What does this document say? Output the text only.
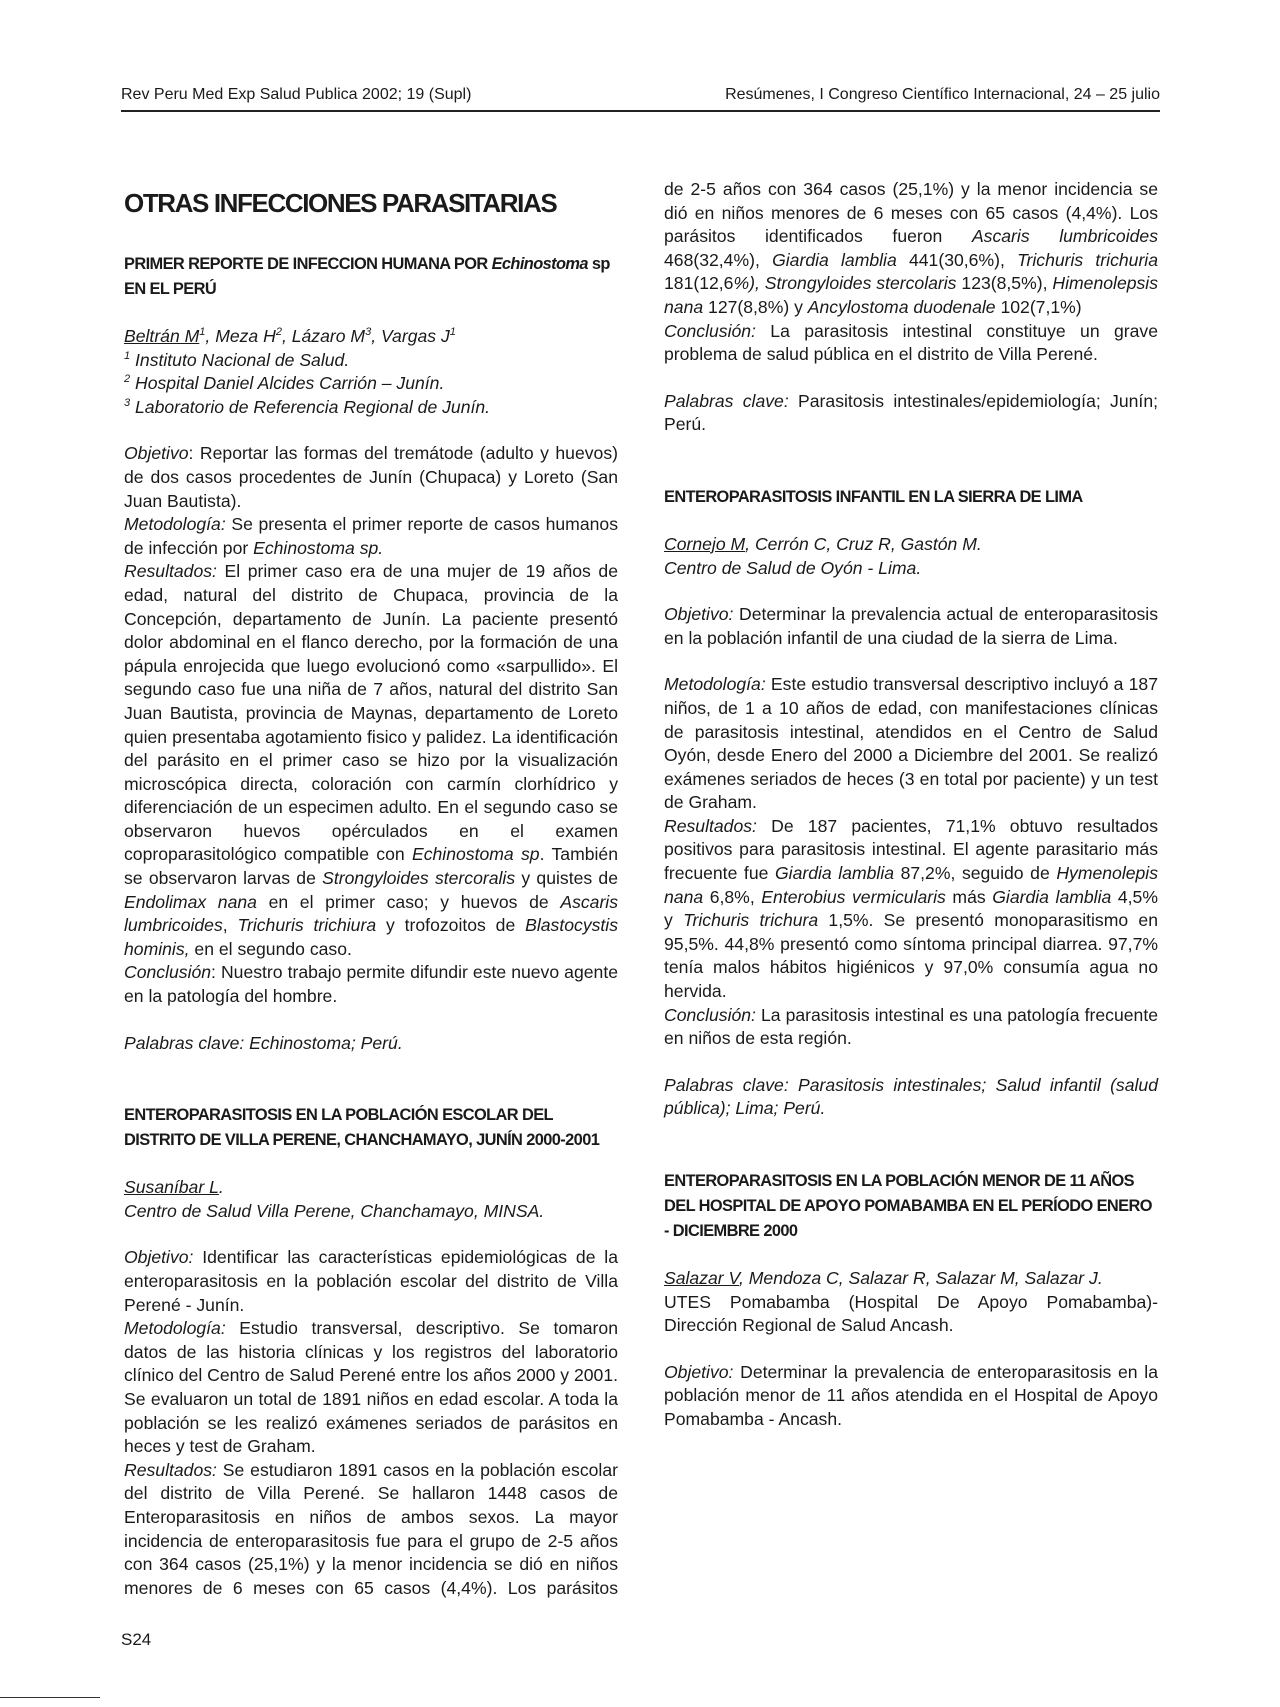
Rev Peru Med Exp Salud Publica 2002; 19 (Supl)	Resúmenes, I Congreso Científico Internacional, 24 – 25 julio
OTRAS INFECCIONES PARASITARIAS
PRIMER REPORTE DE INFECCION HUMANA POR Echinostoma sp EN EL PERÚ

Beltrán $M^1$, Meza $H^2$, Lázaro $M^3$, Vargas $J^1$

$^1$ Instituto Nacional de Salud.

$^2$ Hospital Daniel Alcides Carrión – Junín.

$^3$ Laboratorio de Referencia Regional de Junín.

Objetivo: Reportar las formas del tremátode (adulto y huevos) de dos casos procedentes de Junín (Chupaca) y Loreto (San Juan Bautista).

Metodología: Se presenta el primer reporte de casos humanos de infección por Echinostoma sp.

Resultados: El primer caso era de una mujer de 19 años de edad, natural del distrito de Chupaca, provincia de la Concepción, departamento de Junín. La paciente presentó dolor abdominal en el flanco derecho, por la formación de una pápula enrojecida que luego evolucionó como «sarpullido». El segundo caso fue una niña de 7 años, natural del distrito San Juan Bautista, provincia de Maynas, departamento de Loreto quien presentaba agotamiento fisico y palidez. La identificación del parásito en el primer caso se hizo por la visualización microscópica directa, coloración con carmín clorhídrico y diferenciación de un especimen adulto. En el segundo caso se observaron huevos opérculados en el examen coproparasitológico compatible con Echinostoma sp. También se observaron larvas de Strongyloides stercoralis y quistes de Endolimax nana en el primer caso; y huevos de Ascaris lumbricoides, Trichuris trichiura y trofozoitos de Blastocystis hominis, en el segundo caso.

Conclusión: Nuestro trabajo permite difundir este nuevo agente en la patología del hombre.

Palabras clave: Echinostoma; Perú.

ENTEROPARASITOSIS EN LA POBLACIÓN ESCOLAR DEL DISTRITO DE VILLA PERENE, CHANCHAMAYO, JUNÍN 2000-2001

Susaníbar L.

Centro de Salud Villa Perene, Chanchamayo, MINSA.

Objetivo: Identificar las características epidemiológicas de la enteroparasitosis en la población escolar del distrito de Villa Perené - Junín.

Metodología: Estudio transversal, descriptivo. Se tomaron datos de las historia clínicas y los registros del laboratorio clínico del Centro de Salud Perené entre los años 2000 y 2001. Se evaluaron un total de 1891 niños en edad escolar. A toda la población se les realizó exámenes seriados de parásitos en heces y test de Graham.

Resultados: Se estudiaron 1891 casos en la población escolar del distrito de Villa Perené. Se hallaron 1448 casos de Enteroparasitosis en niños de ambos sexos. La mayor incidencia de enteroparasitosis fue para el grupo de 2-5 años con 364 casos (25,1%) y la menor incidencia se dió en niños menores de 6 meses con 65 casos (4,4%). Los parásitos

de 2-5 años con 364 casos (25,1%) y la menor incidencia se dió en niños menores de 6 meses con 65 casos (4,4%). Los parásitos identificados fueron Ascaris lumbricoides 468(32,4%), Giardia lamblia 441(30,6%), Trichuris trichuria 181(12,6%), Strongyloides stercolaris 123(8,5%), Himenolepsis nana 127(8,8%) y Ancylostoma duodenale 102(7,1%)

Conclusión: La parasitosis intestinal constituye un grave problema de salud pública en el distrito de Villa Perené.

Palabras clave: Parasitosis intestinales/epidemiología; Junín; Perú.

ENTEROPARASITOSIS INFANTIL EN LA SIERRA DE LIMA

Cornejo M, Cerrón C, Cruz R, Gastón M.

Centro de Salud de Oyón - Lima.

Objetivo: Determinar la prevalencia actual de enteroparasitosis en la población infantil de una ciudad de la sierra de Lima.

Metodología: Este estudio transversal descriptivo incluyó a 187 niños, de 1 a 10 años de edad, con manifestaciones clínicas de parasitosis intestinal, atendidos en el Centro de Salud Oyón, desde Enero del 2000 a Diciembre del 2001. Se realizó exámenes seriados de heces (3 en total por paciente) y un test de Graham.

Resultados: De 187 pacientes, 71,1% obtuvo resultados positivos para parasitosis intestinal. El agente parasitario más frecuente fue Giardia lamblia 87,2%, seguido de Hymenolepis nana 6,8%, Enterobius vermicularis más Giardia lamblia 4,5% y Trichuris trichura 1,5%. Se presentó monoparasitismo en 95,5%. 44,8% presentó como síntoma principal diarrea. 97,7% tenía malos hábitos higiénicos y 97,0% consumía agua no hervida.

Conclusión: La parasitosis intestinal es una patología frecuente en niños de esta región.

Palabras clave: Parasitosis intestinales; Salud infantil (salud pública); Lima; Perú.

ENTEROPARASITOSIS EN LA POBLACIÓN MENOR DE 11 AÑOS DEL HOSPITAL DE APOYO POMABAMBA EN EL PERÍODO ENERO - DICIEMBRE 2000

Salazar V, Mendoza C, Salazar R, Salazar M, Salazar J.

UTES Pomabamba (Hospital De Apoyo Pomabamba)- Dirección Regional de Salud Ancash.

Objetivo: Determinar la prevalencia de enteroparasitosis en la población menor de 11 años atendida en el Hospital de Apoyo Pomabamba - Ancash.

S24
